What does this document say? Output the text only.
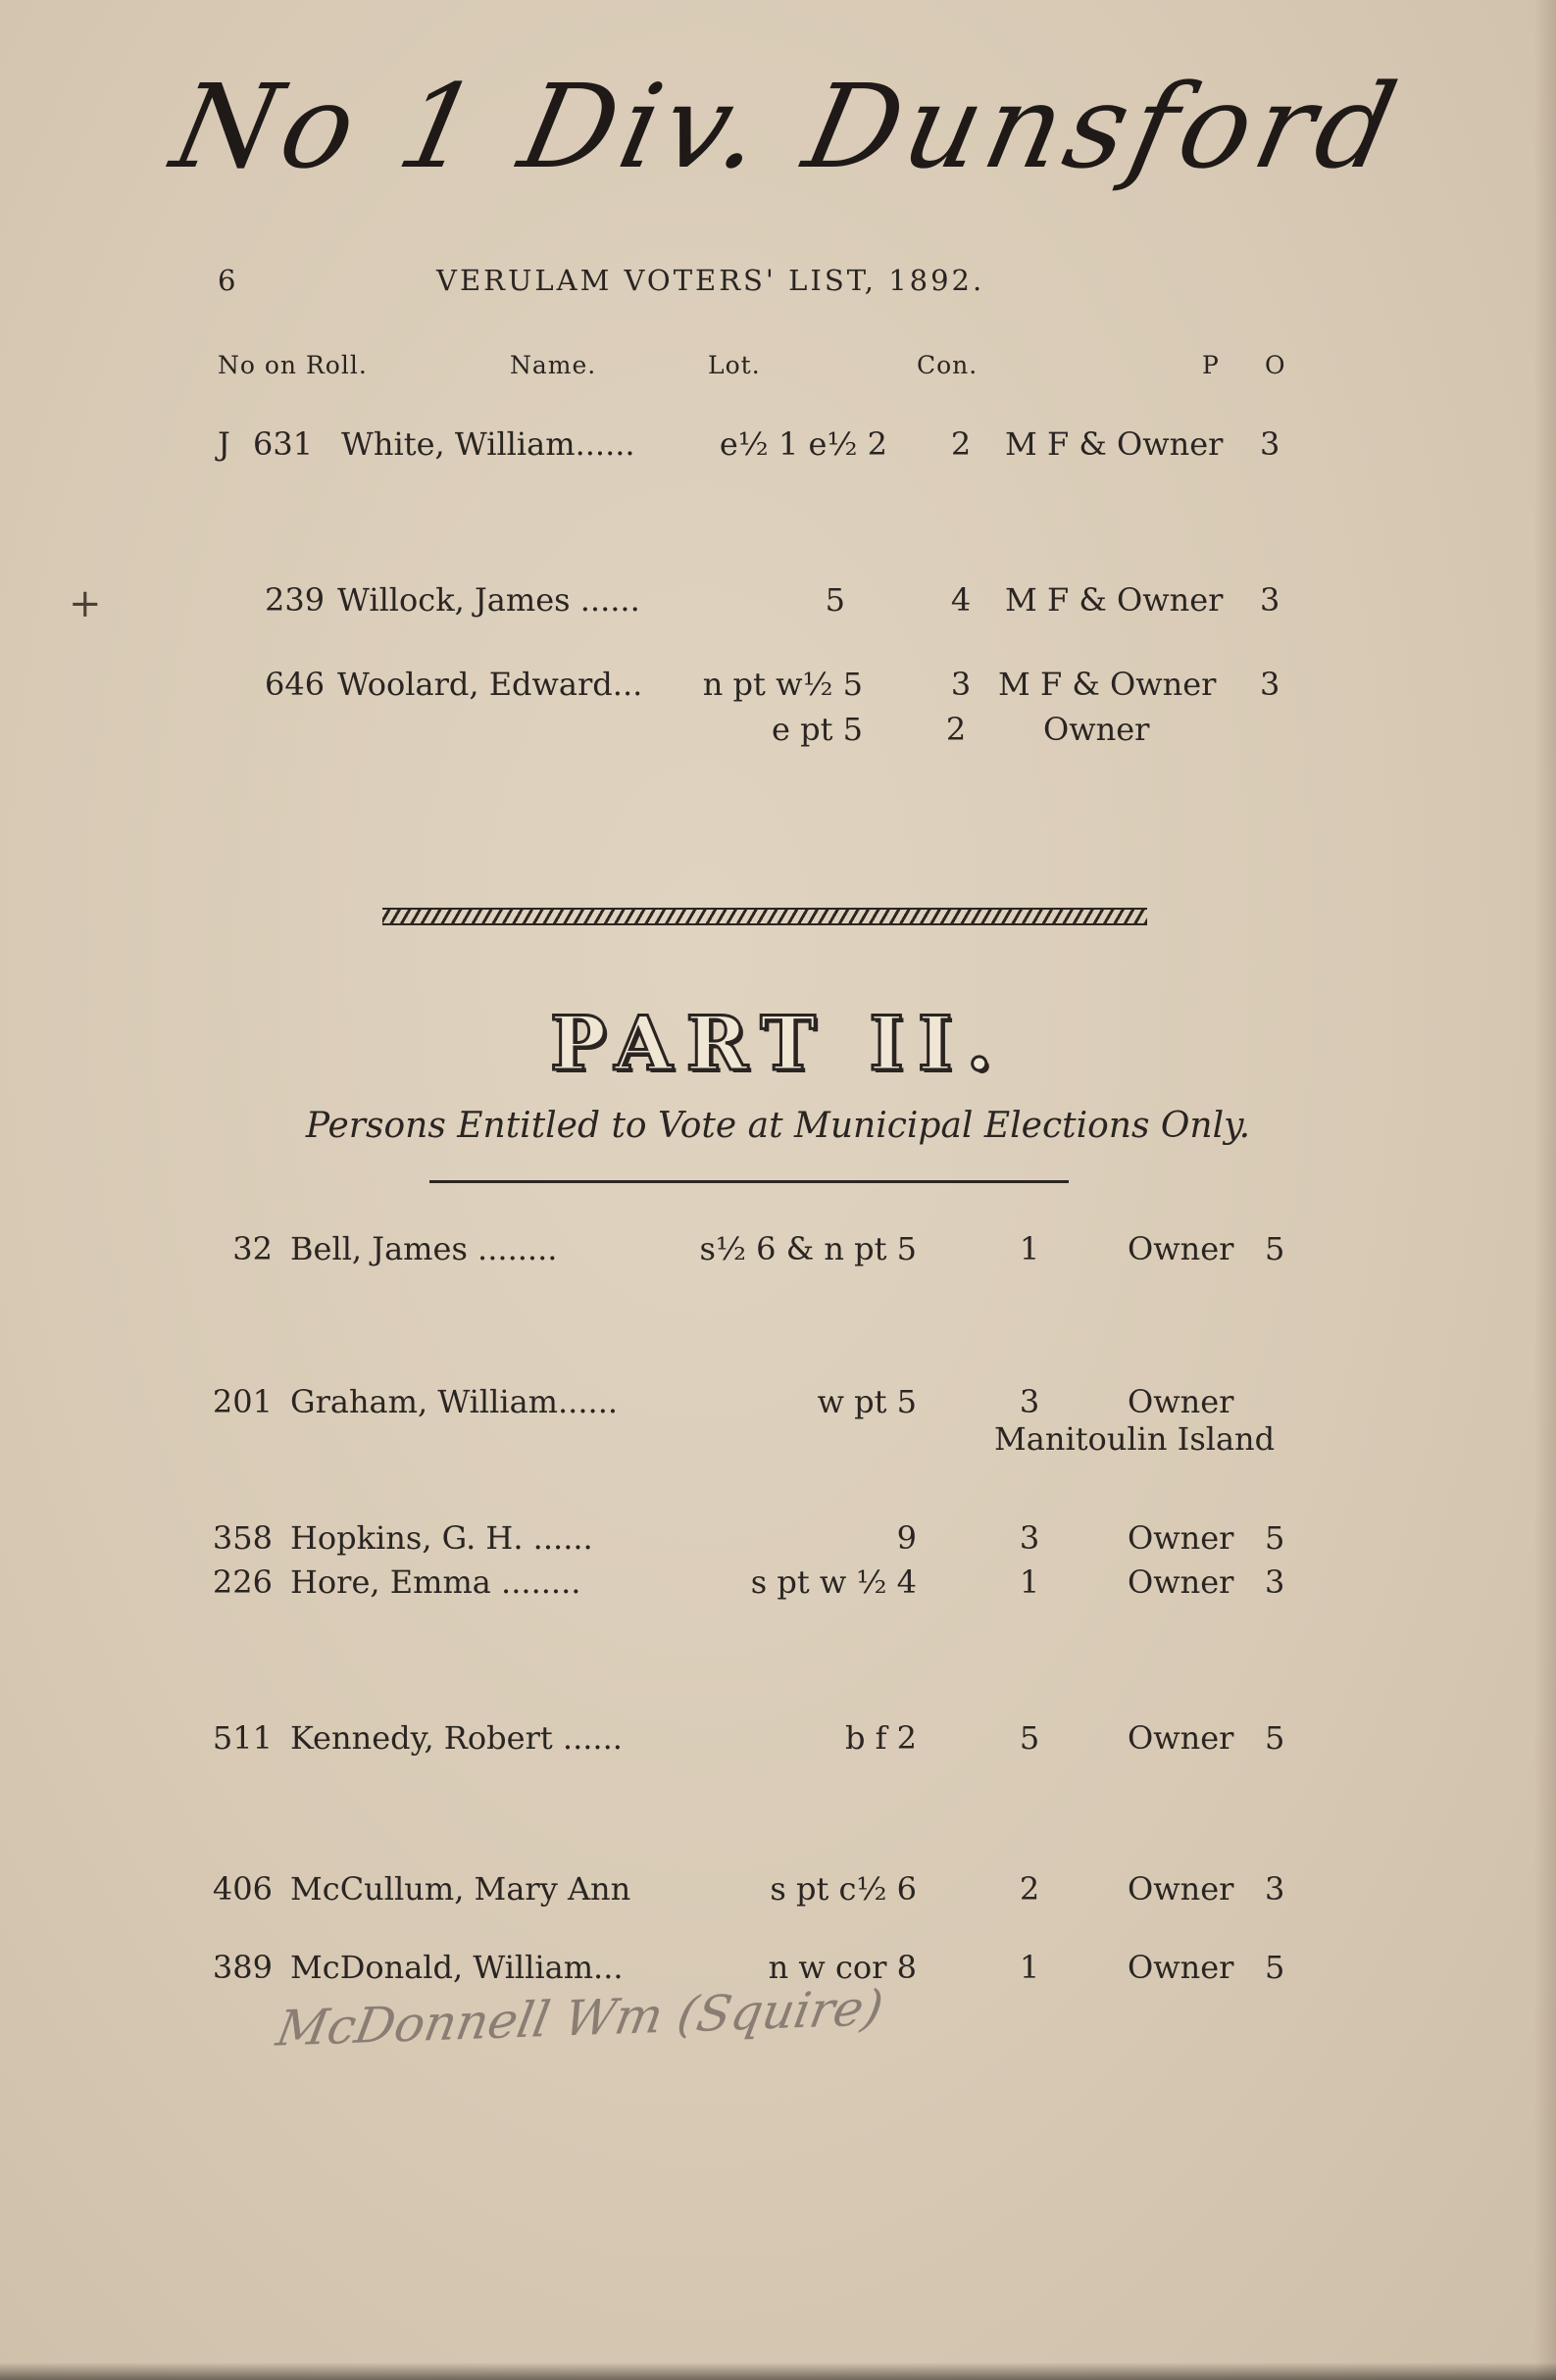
No 1 Div. Dunsford
6	VERULAM VOTERS' LIST, 1892.
No on Roll.	Name.	Lot.	Con.	P O
J 631 White, William......	e½ 1 e½ 2	2	M F & Owner 3
+	239 Willock, James ......	5	4	M F & Owner 3
646 Woolard, Edward...	n pt w½ 5	3 M F & Owner 3
e pt 5	2	Owner
PART II.
Persons Entitled to Vote at Municipal Elections Only.
32 Bell, James ........	s½ 6 & n pt 5	1	Owner 5
201 Graham, William......	w pt 5	3	Owner
Manitoulin Island
358 Hopkins, G. H. ......	9	3	Owner 5
226 Hore, Emma ........	s pt w ½ 4	1	Owner 3
511 Kennedy, Robert ......	b f 2	5	Owner 5
406 McCullum, Mary Ann	s pt c½ 6	2	Owner 3
389 McDonald, William...	n w cor 8	1	Owner 5
McDonnell Wm (Squire)
